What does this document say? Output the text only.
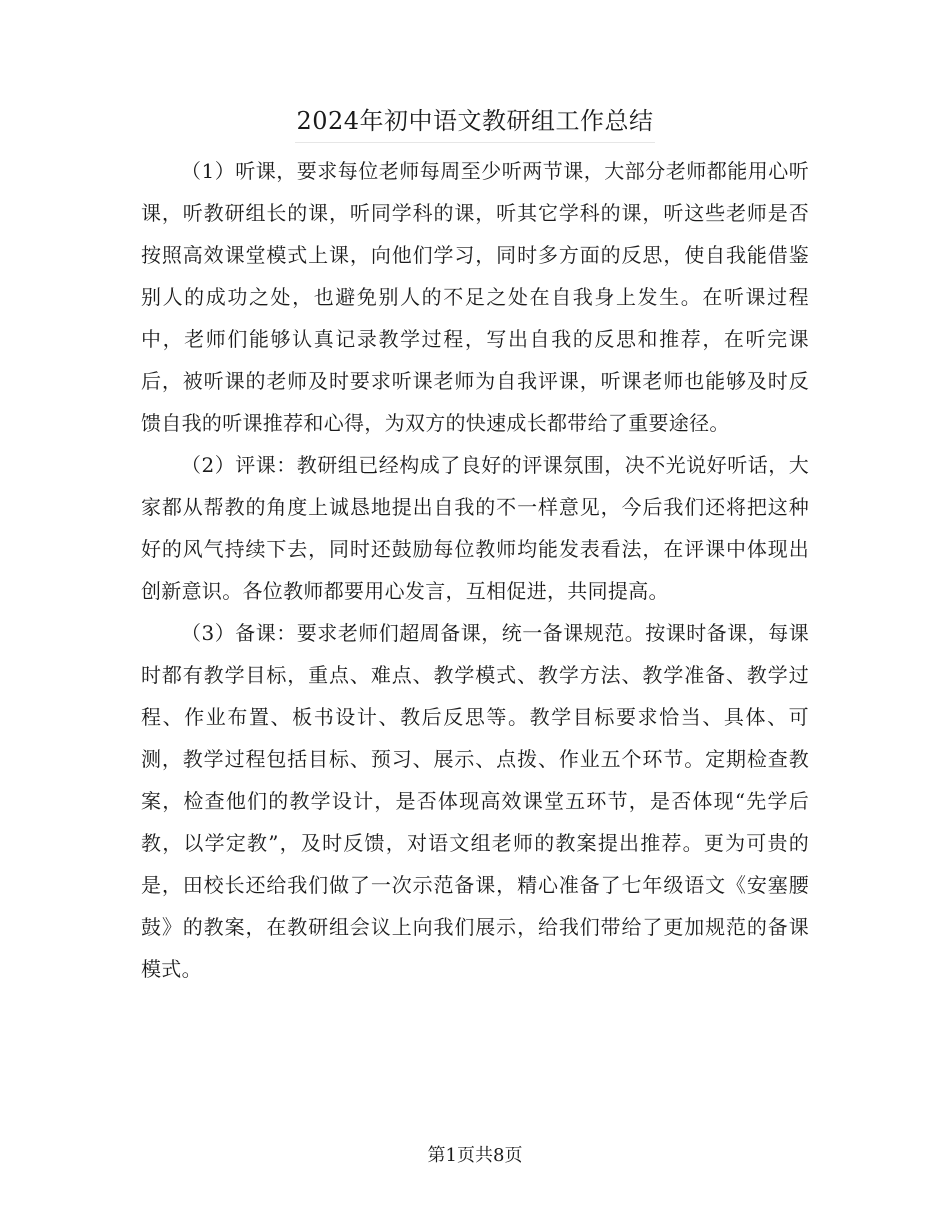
2024年初中语文教研组工作总结

（1）听课，要求每位老师每周至少听两节课，大部分老师都能用心听课，听教研组长的课，听同学科的课，听其它学科的课，听这些老师是否按照高效课堂模式上课，向他们学习，同时多方面的反思，使自我能借鉴别人的成功之处，也避免别人的不足之处在自我身上发生。在听课过程中，老师们能够认真记录教学过程，写出自我的反思和推荐，在听完课后，被听课的老师及时要求听课老师为自我评课，听课老师也能够及时反馈自我的听课推荐和心得，为双方的快速成长都带给了重要途径。

（2）评课：教研组已经构成了良好的评课氛围，决不光说好听话，大家都从帮教的角度上诚恳地提出自我的不一样意见，今后我们还将把这种好的风气持续下去，同时还鼓励每位教师均能发表看法，在评课中体现出创新意识。各位教师都要用心发言，互相促进，共同提高。

（3）备课：要求老师们超周备课，统一备课规范。按课时备课，每课时都有教学目标，重点、难点、教学模式、教学方法、教学准备、教学过程、作业布置、板书设计、教后反思等。教学目标要求恰当、具体、可测，教学过程包括目标、预习、展示、点拨、作业五个环节。定期检查教案，检查他们的教学设计，是否体现高效课堂五环节，是否体现“先学后教，以学定教”，及时反馈，对语文组老师的教案提出推荐。更为可贵的是，田校长还给我们做了一次示范备课，精心准备了七年级语文《安塞腰鼓》的教案，在教研组会议上向我们展示，给我们带给了更加规范的备课模式。

第1页共8页
